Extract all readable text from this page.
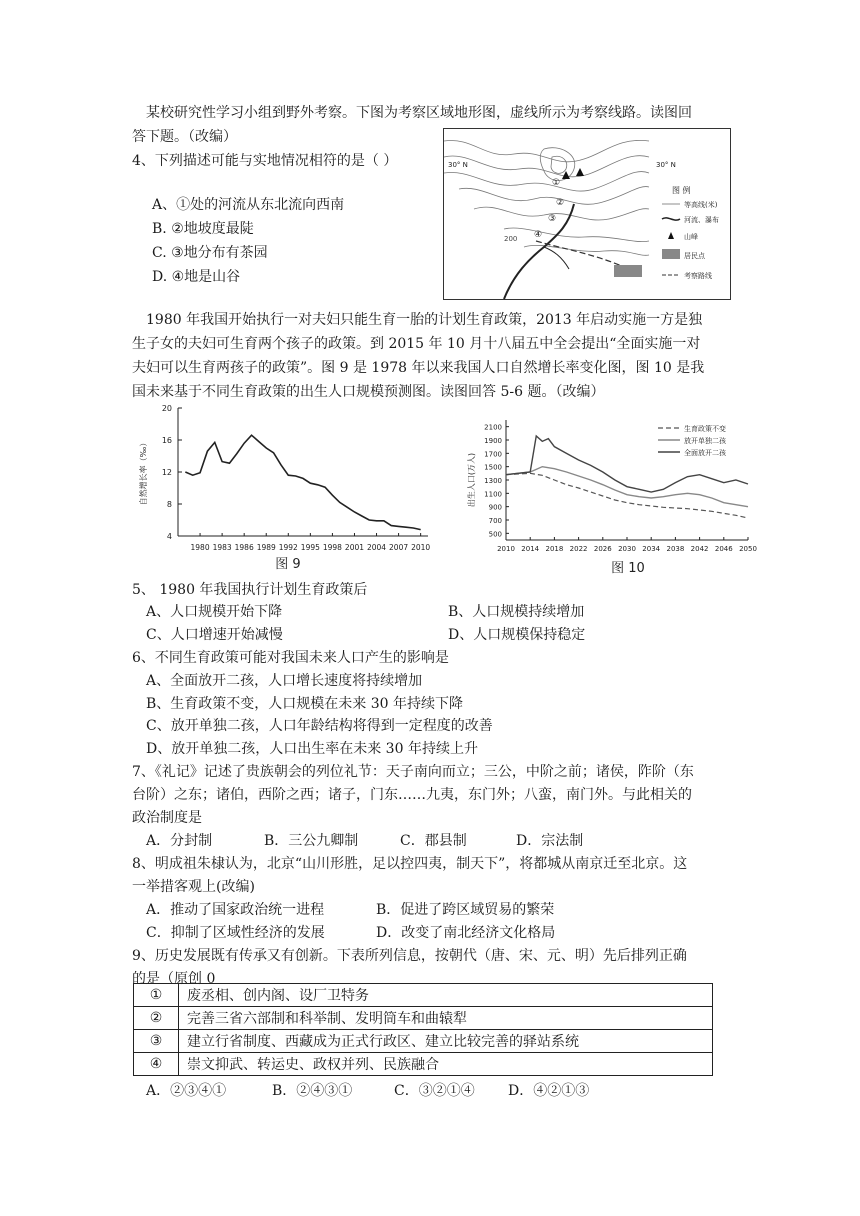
某校研究性学习小组到野外考察。下图为考察区域地形图，虚线所示为考察线路。读图回
答下题。（改编）
4、下列描述可能与实地情况相符的是（ ）
A、①处的河流从东北流向西南
B. ②地坡度最陡
C. ③地分布有茶园
D. ④地是山谷
30° N	30° N
200
①
②
③
④
图 例
等高线(米)
河流、瀑布
山峰
居民点
考察路线
1980 年我国开始执行一对夫妇只能生育一胎的计划生育政策，2013 年启动实施一方是独
生子女的夫妇可生育两个孩子的政策。到 2015 年 10 月十八届五中全会提出“全面实施一对
夫妇可以生育两孩子的政策”。图 9 是 1978 年以来我国人口自然增长率变化图，图 10 是我
国未来基于不同生育政策的出生人口规模预测图。读图回答 5-6 题。（改编）
4
8
12
16
20
1980 1983 1986 1989 1992 1995 1998 2001 2004 2007 2010
自然增长率（‰）
图 9
500
700
900
1100
1300
1500
1700
1900
2100
2010 2014 2018 2022 2026 2030 2034 2038 2042 2046 2050
出生人口(万人)
生育政策不变
放开单独二孩
全面放开二孩
图 10
5、 1980 年我国执行计划生育政策后
A、人口规模开始下降	B、人口规模持续增加
C、人口增速开始减慢	D、人口规模保持稳定
6、不同生育政策可能对我国未来人口产生的影响是
A、全面放开二孩，人口增长速度将持续增加
B、生育政策不变，人口规模在未来 30 年持续下降
C、放开单独二孩，人口年龄结构将得到一定程度的改善
D、放开单独二孩，人口出生率在未来 30 年持续上升
7、《礼记》记述了贵族朝会的列位礼节：天子南向而立；三公，中阶之前；诸侯，阼阶（东
台阶）之东；诸伯，西阶之西；诸子，门东……九夷，东门外；八蛮，南门外。与此相关的
政治制度是
A．分封制	B．三公九卿制	C．郡县制	D．宗法制
8、明成祖朱棣认为，北京“山川形胜，足以控四夷，制天下”，将都城从南京迁至北京。这
一举措客观上(改编)
A．推动了国家政治统一进程	B．促进了跨区域贸易的繁荣
C．抑制了区域性经济的发展	D．改变了南北经济文化格局
9、历史发展既有传承又有创新。下表所列信息，按朝代（唐、宋、元、明）先后排列正确
的是（原创 0
①	废丞相、创内阁、设厂卫特务
②	完善三省六部制和科举制、发明筒车和曲辕犁
③	建立行省制度、西藏成为正式行政区、建立比较完善的驿站系统
④	崇文抑武、转运史、政权并列、民族融合
A．②③④①	B．②④③①	C．③②①④ D．④②①③
